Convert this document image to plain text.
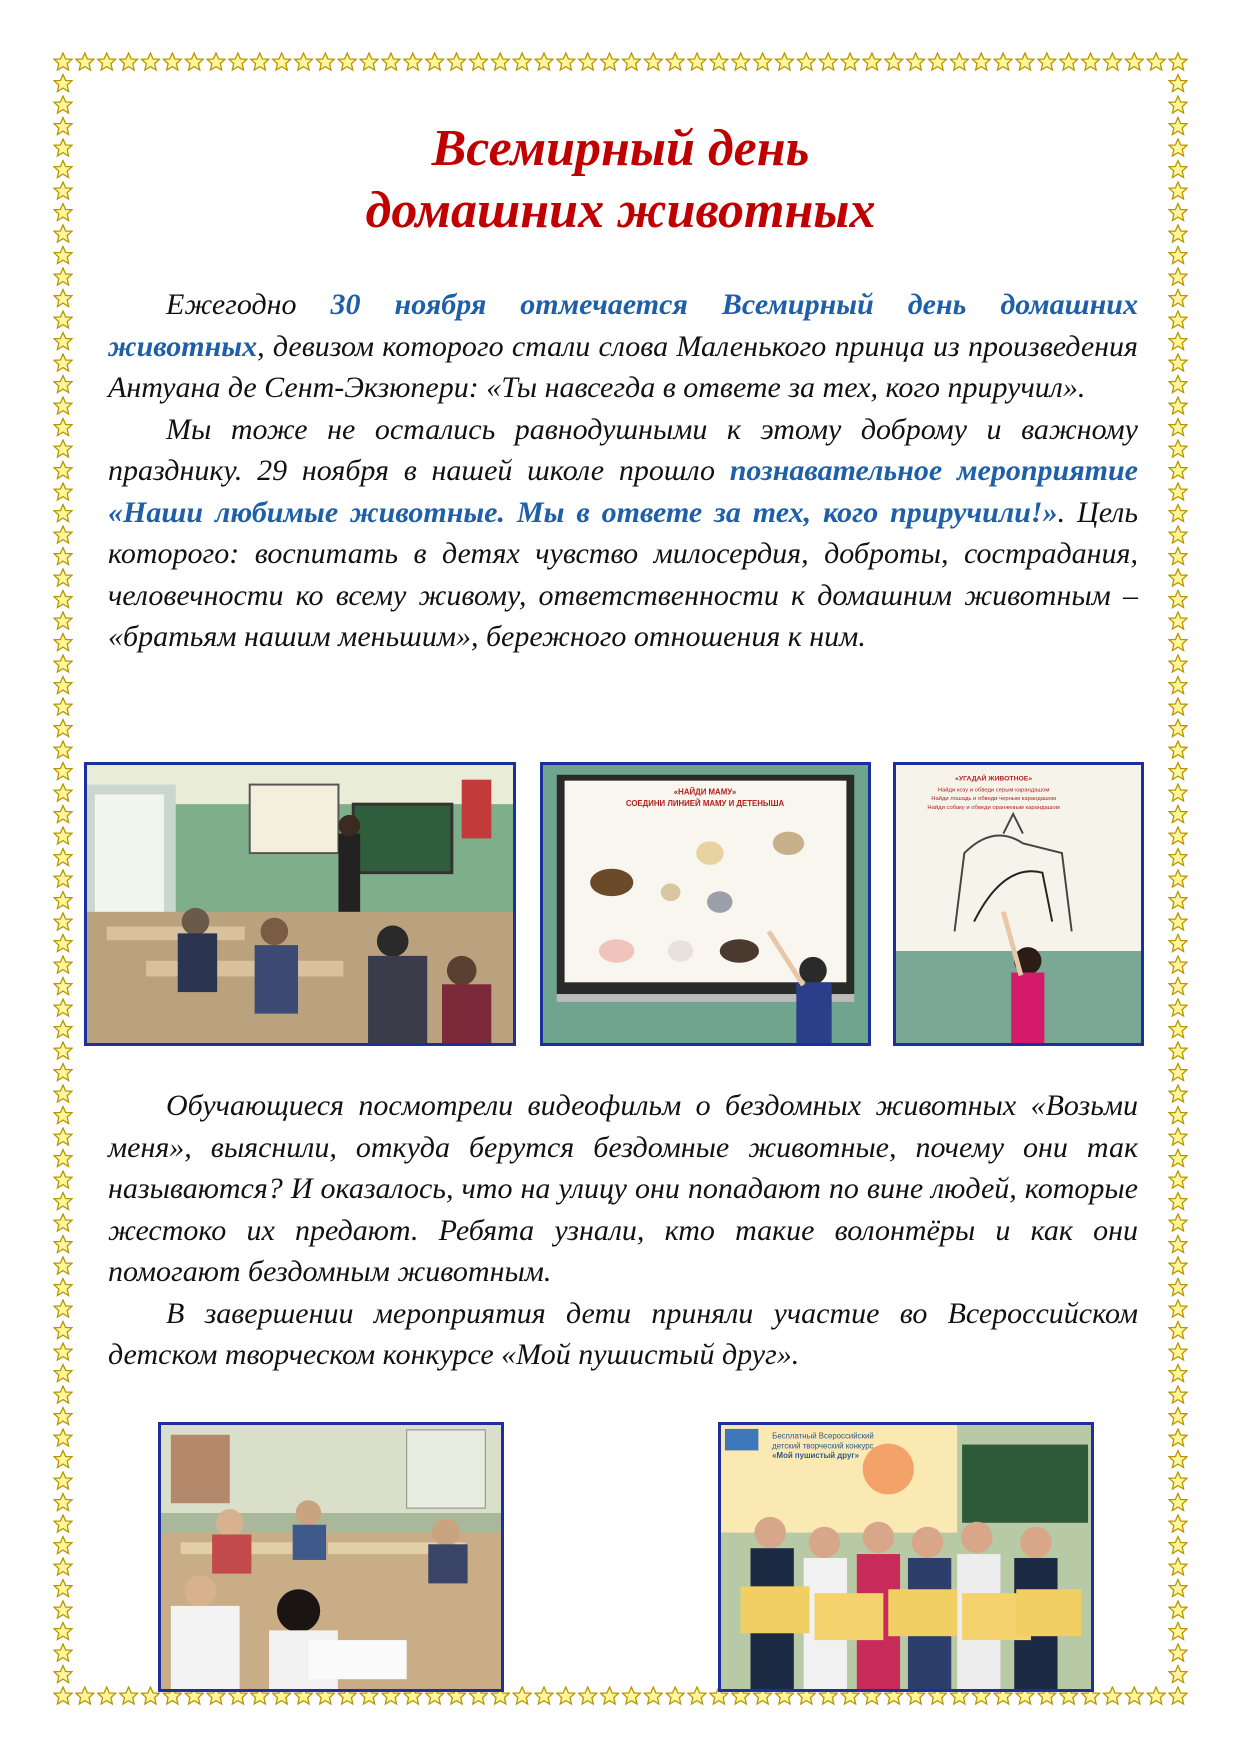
Всемирный день
домашних животных

Ежегодно 30 ноября отмечается Всемирный день домашних животных, девизом которого стали слова Маленького принца из произведения Антуана де Сент-Экзюпери: «Ты навсегда в ответе за тех, кого приручил».

Мы тоже не остались равнодушными к этому доброму и важному празднику. 29 ноября в нашей школе прошло познавательное мероприятие «Наши любимые животные. Мы в ответе за тех, кого приручили!». Цель которого: воспитать в детях чувство милосердия, доброты, сострадания, человечности ко всему живому, ответственности к домашним животным – «братьям нашим меньшим», бережного отношения к ним.

«НАЙДИ МАМУ»
СОЕДИНИ ЛИНИЕЙ МАМУ И ДЕТЕНЫША
«УГАДАЙ ЖИВОТНОЕ»
Найди козу и обведи серым карандашом
Найди лошадь и обведи черным карандашом
Найди собаку и обведи оранжевым карандашом

Обучающиеся посмотрели видеофильм о бездомных животных «Возьми меня», выяснили, откуда берутся бездомные животные, почему они так называются? И оказалось, что на улицу они попадают по вине людей, которые жестоко их предают. Ребята узнали, кто такие волонтёры и как они помогают бездомным животным.

В завершении мероприятия дети приняли участие во Всероссийском детском творческом конкурсе «Мой пушистый друг».

Бесплатный Всероссийский
детский творческий конкурс
«Мой пушистый друг»
